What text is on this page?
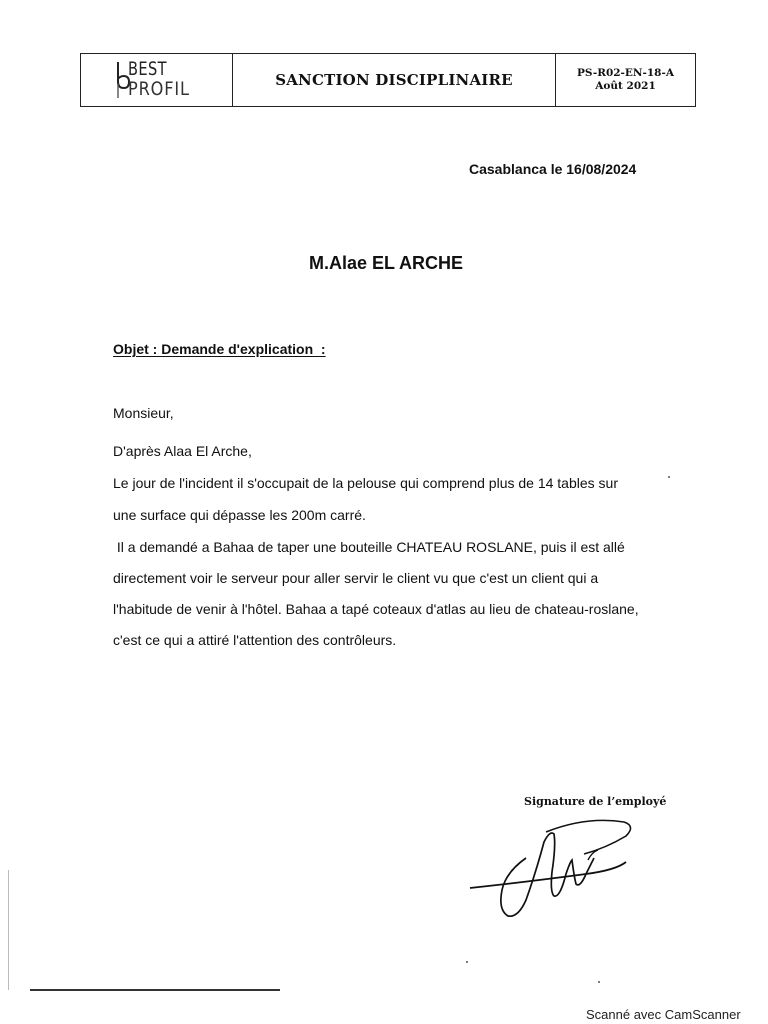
BEST
PROFIL	SANCTION DISCIPLINAIRE	PS-R02-EN-18-A
Août 2021
Casablanca le 16/08/2024
M.Alae EL ARCHE
Objet : Demande d'explication  :
Monsieur,
D'après Alaa El Arche,
Le jour de l'incident il s'occupait de la pelouse qui comprend plus de 14 tables sur
une surface qui dépasse les 200m carré.
Il a demandé a Bahaa de taper une bouteille CHATEAU ROSLANE, puis il est allé
directement voir le serveur pour aller servir le client vu que c'est un client qui a
l'habitude de venir à l'hôtel. Bahaa a tapé coteaux d'atlas au lieu de chateau-roslane,
c'est ce qui a attiré l'attention des contrôleurs.
Signature de l’employé
Scanné avec CamScanner
